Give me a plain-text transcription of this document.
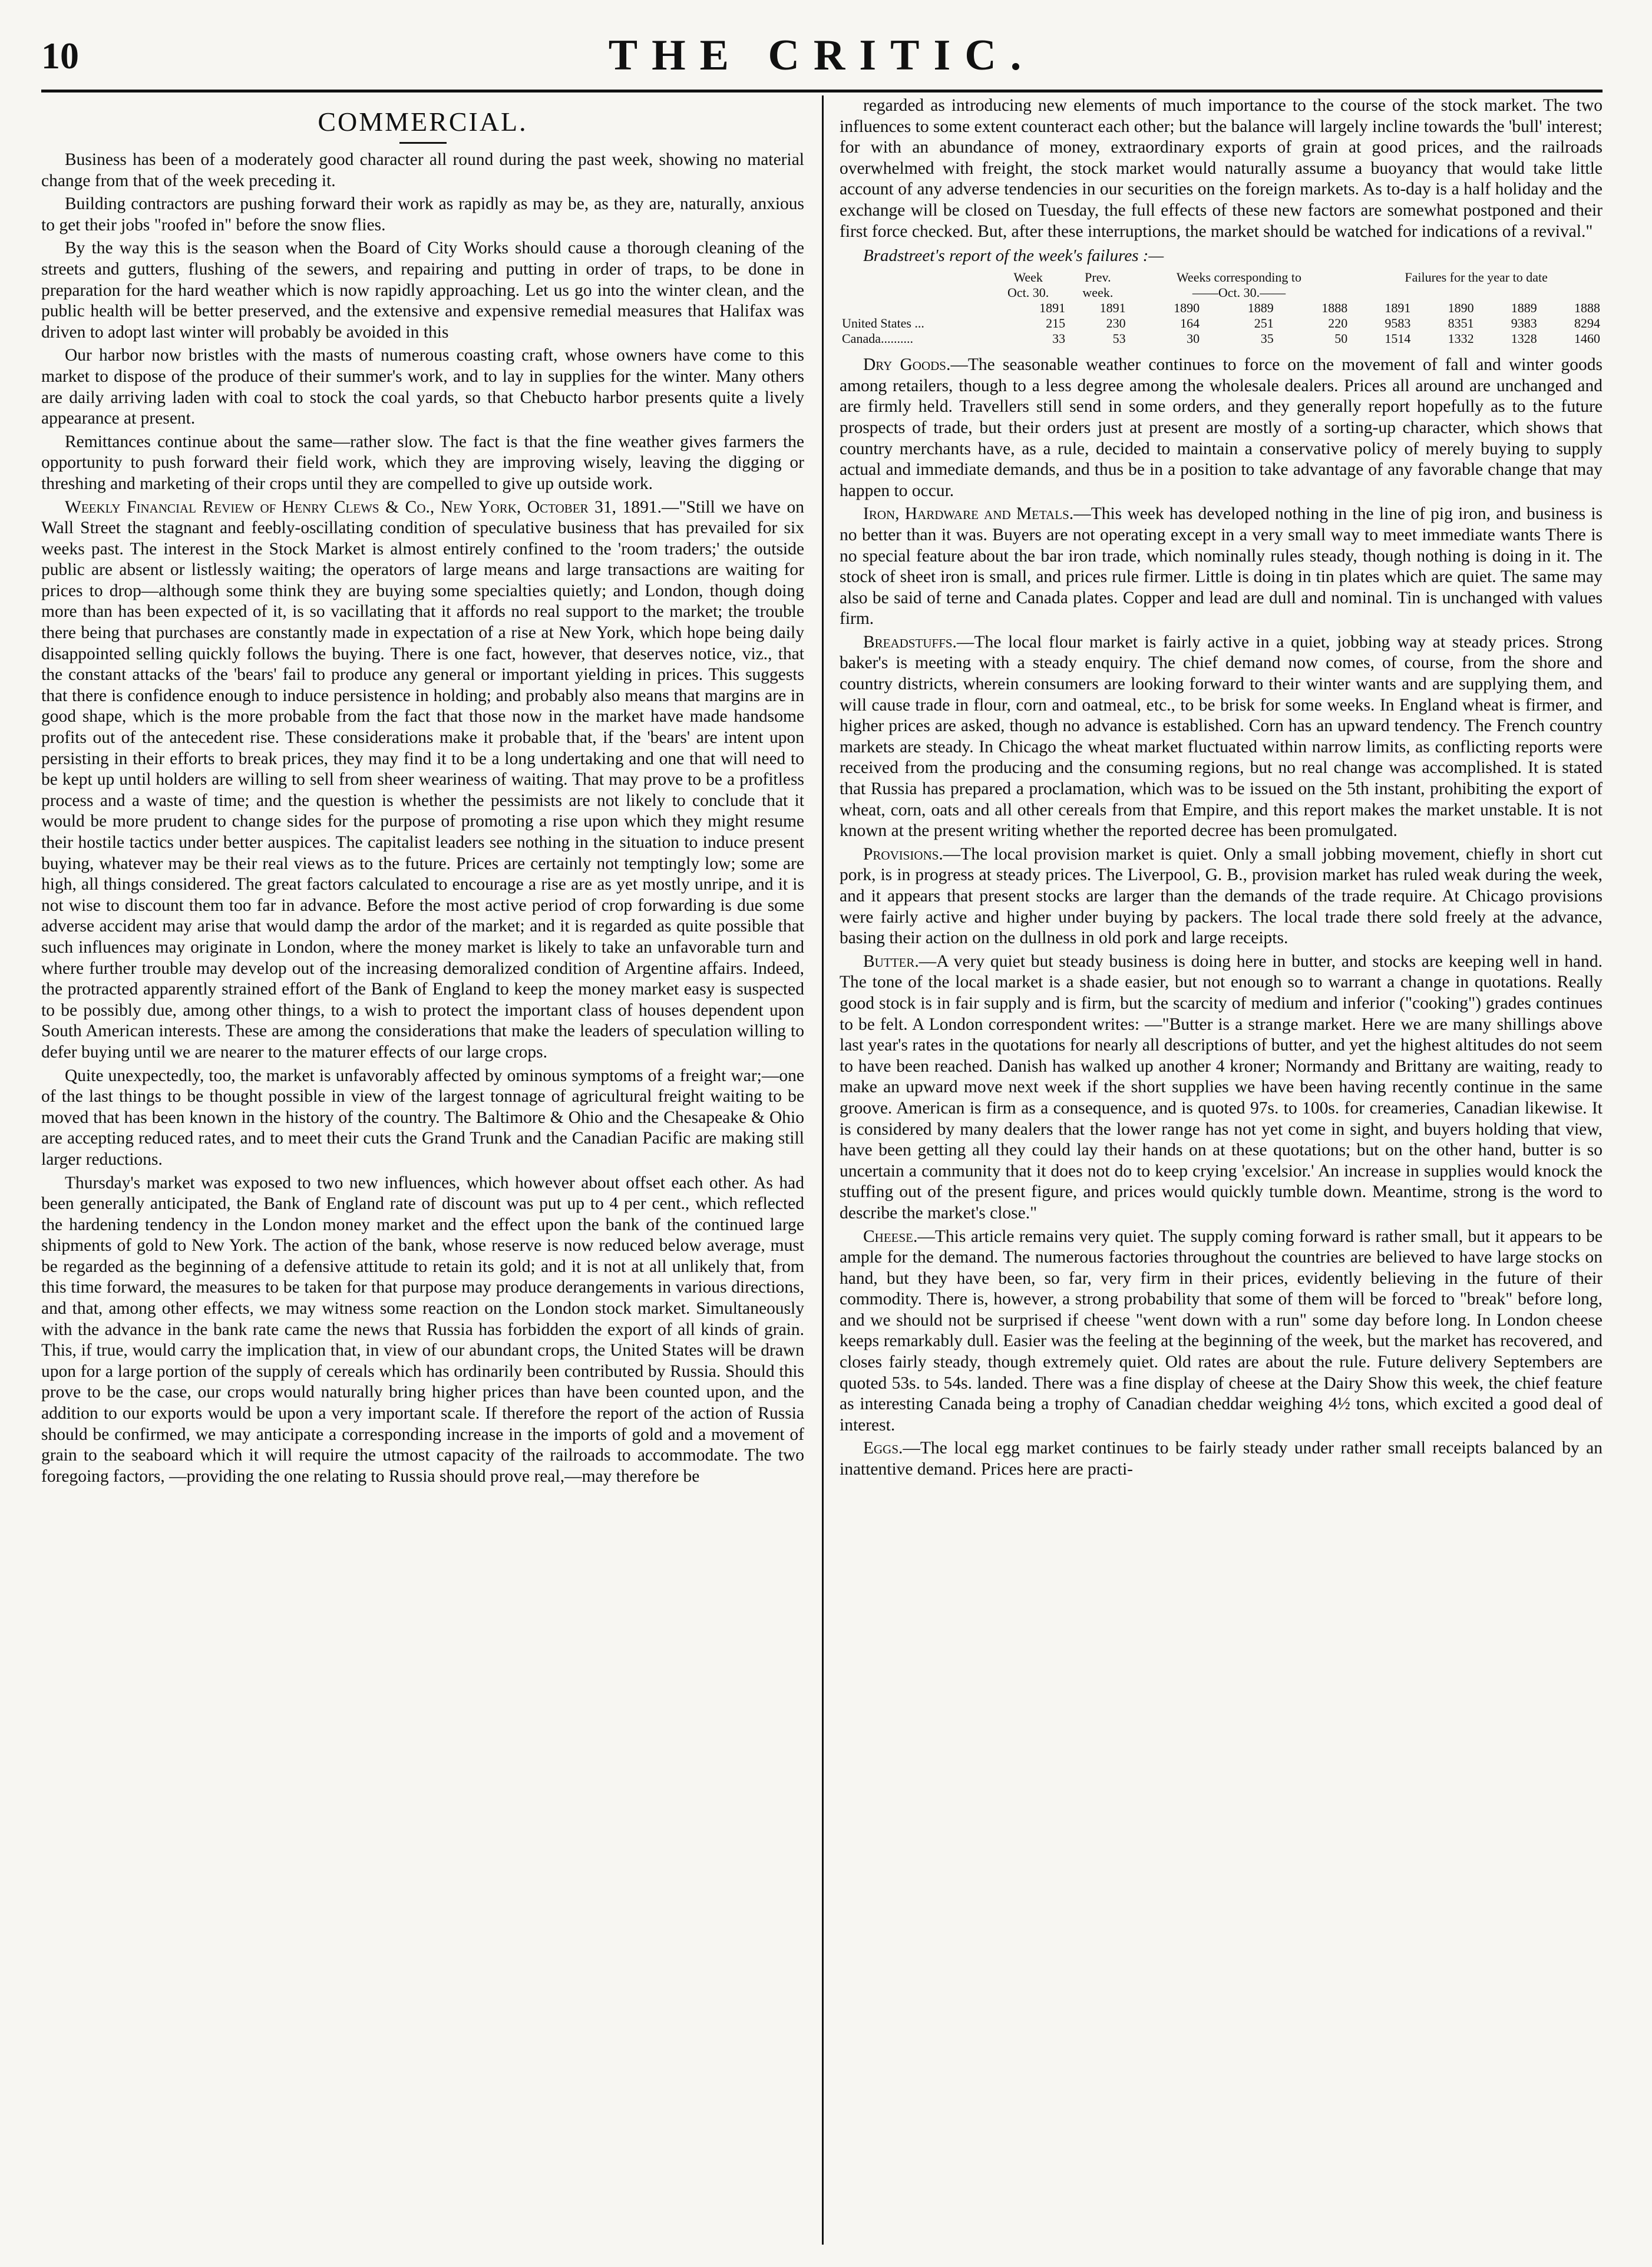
10	THE CRITIC.
COMMERCIAL.

Business has been of a moderately good character all round during the past week, showing no material change from that of the week preceding it.

Building contractors are pushing forward their work as rapidly as may be, as they are, naturally, anxious to get their jobs "roofed in" before the snow flies.

By the way this is the season when the Board of City Works should cause a thorough cleaning of the streets and gutters, flushing of the sewers, and repairing and putting in order of traps, to be done in preparation for the hard weather which is now rapidly approaching. Let us go into the winter clean, and the public health will be better preserved, and the extensive and expensive remedial measures that Halifax was driven to adopt last winter will probably be avoided in this

Our harbor now bristles with the masts of numerous coasting craft, whose owners have come to this market to dispose of the produce of their summer's work, and to lay in supplies for the winter. Many others are daily arriving laden with coal to stock the coal yards, so that Chebucto harbor presents quite a lively appearance at present.

Remittances continue about the same—rather slow. The fact is that the fine weather gives farmers the opportunity to push forward their field work, which they are improving wisely, leaving the digging or threshing and marketing of their crops until they are compelled to give up outside work.

Weekly Financial Review of Henry Clews & Co., New York, October 31, 1891.—"Still we have on Wall Street the stagnant and feebly-oscillating condition of speculative business that has prevailed for six weeks past. The interest in the Stock Market is almost entirely confined to the 'room traders;' the outside public are absent or listlessly waiting; the operators of large means and large transactions are waiting for prices to drop—although some think they are buying some specialties quietly; and London, though doing more than has been expected of it, is so vacillating that it affords no real support to the market; the trouble there being that purchases are constantly made in expectation of a rise at New York, which hope being daily disappointed selling quickly follows the buying. There is one fact, however, that deserves notice, viz., that the constant attacks of the 'bears' fail to produce any general or important yielding in prices. This suggests that there is confidence enough to induce persistence in holding; and probably also means that margins are in good shape, which is the more probable from the fact that those now in the market have made handsome profits out of the antecedent rise. These considerations make it probable that, if the 'bears' are intent upon persisting in their efforts to break prices, they may find it to be a long undertaking and one that will need to be kept up until holders are willing to sell from sheer weariness of waiting. That may prove to be a profitless process and a waste of time; and the question is whether the pessimists are not likely to conclude that it would be more prudent to change sides for the purpose of promoting a rise upon which they might resume their hostile tactics under better auspices. The capitalist leaders see nothing in the situation to induce present buying, whatever may be their real views as to the future. Prices are certainly not temptingly low; some are high, all things considered. The great factors calculated to encourage a rise are as yet mostly unripe, and it is not wise to discount them too far in advance. Before the most active period of crop forwarding is due some adverse accident may arise that would damp the ardor of the market; and it is regarded as quite possible that such influences may originate in London, where the money market is likely to take an unfavorable turn and where further trouble may develop out of the increasing demoralized condition of Argentine affairs. Indeed, the protracted apparently strained effort of the Bank of England to keep the money market easy is suspected to be possibly due, among other things, to a wish to protect the important class of houses dependent upon South American interests. These are among the considerations that make the leaders of speculation willing to defer buying until we are nearer to the maturer effects of our large crops.

Quite unexpectedly, too, the market is unfavorably affected by ominous symptoms of a freight war;—one of the last things to be thought possible in view of the largest tonnage of agricultural freight waiting to be moved that has been known in the history of the country. The Baltimore & Ohio and the Chesapeake & Ohio are accepting reduced rates, and to meet their cuts the Grand Trunk and the Canadian Pacific are making still larger reductions.

Thursday's market was exposed to two new influences, which however about offset each other. As had been generally anticipated, the Bank of England rate of discount was put up to 4 per cent., which reflected the hardening tendency in the London money market and the effect upon the bank of the continued large shipments of gold to New York. The action of the bank, whose reserve is now reduced below average, must be regarded as the beginning of a defensive attitude to retain its gold; and it is not at all unlikely that, from this time forward, the measures to be taken for that purpose may produce derangements in various directions, and that, among other effects, we may witness some reaction on the London stock market. Simultaneously with the advance in the bank rate came the news that Russia has forbidden the export of all kinds of grain. This, if true, would carry the implication that, in view of our abundant crops, the United States will be drawn upon for a large portion of the supply of cereals which has ordinarily been contributed by Russia. Should this prove to be the case, our crops would naturally bring higher prices than have been counted upon, and the addition to our exports would be upon a very important scale. If therefore the report of the action of Russia should be confirmed, we may anticipate a corresponding increase in the imports of gold and a movement of grain to the seaboard which it will require the utmost capacity of the railroads to accommodate. The two foregoing factors, —providing the one relating to Russia should prove real,—may therefore be

regarded as introducing new elements of much importance to the course of the stock market. The two influences to some extent counteract each other; but the balance will largely incline towards the 'bull' interest; for with an abundance of money, extraordinary exports of grain at good prices, and the railroads overwhelmed with freight, the stock market would naturally assume a buoyancy that would take little account of any adverse tendencies in our securities on the foreign markets. As to-day is a half holiday and the exchange will be closed on Tuesday, the full effects of these new factors are somewhat postponed and their first force checked. But, after these interruptions, the market should be watched for indications of a revival."

Bradstreet's report of the week's failures :—
	Week	Prev.	Weeks corresponding to			Failures for the year to date			
	Oct. 30.	week.	——Oct. 30.——						
	1891	1891	1890	1889	1888	1891	1890	1889	1888
United States ...	215	230	164	251	220	9583	8351	9383	8294
Canada..........	33	53	30	35	50	1514	1332	1328	1460

Dry Goods.—The seasonable weather continues to force on the movement of fall and winter goods among retailers, though to a less degree among the wholesale dealers. Prices all around are unchanged and are firmly held. Travellers still send in some orders, and they generally report hopefully as to the future prospects of trade, but their orders just at present are mostly of a sorting-up character, which shows that country merchants have, as a rule, decided to maintain a conservative policy of merely buying to supply actual and immediate demands, and thus be in a position to take advantage of any favorable change that may happen to occur.

Iron, Hardware and Metals.—This week has developed nothing in the line of pig iron, and business is no better than it was. Buyers are not operating except in a very small way to meet immediate wants There is no special feature about the bar iron trade, which nominally rules steady, though nothing is doing in it. The stock of sheet iron is small, and prices rule firmer. Little is doing in tin plates which are quiet. The same may also be said of terne and Canada plates. Copper and lead are dull and nominal. Tin is unchanged with values firm.

Breadstuffs.—The local flour market is fairly active in a quiet, jobbing way at steady prices. Strong baker's is meeting with a steady enquiry. The chief demand now comes, of course, from the shore and country districts, wherein consumers are looking forward to their winter wants and are supplying them, and will cause trade in flour, corn and oatmeal, etc., to be brisk for some weeks. In England wheat is firmer, and higher prices are asked, though no advance is established. Corn has an upward tendency. The French country markets are steady. In Chicago the wheat market fluctuated within narrow limits, as conflicting reports were received from the producing and the consuming regions, but no real change was accomplished. It is stated that Russia has prepared a proclamation, which was to be issued on the 5th instant, prohibiting the export of wheat, corn, oats and all other cereals from that Empire, and this report makes the market unstable. It is not known at the present writing whether the reported decree has been promulgated.

Provisions.—The local provision market is quiet. Only a small jobbing movement, chiefly in short cut pork, is in progress at steady prices. The Liverpool, G. B., provision market has ruled weak during the week, and it appears that present stocks are larger than the demands of the trade require. At Chicago provisions were fairly active and higher under buying by packers. The local trade there sold freely at the advance, basing their action on the dullness in old pork and large receipts.

Butter.—A very quiet but steady business is doing here in butter, and stocks are keeping well in hand. The tone of the local market is a shade easier, but not enough so to warrant a change in quotations. Really good stock is in fair supply and is firm, but the scarcity of medium and inferior ("cooking") grades continues to be felt. A London correspondent writes: —"Butter is a strange market. Here we are many shillings above last year's rates in the quotations for nearly all descriptions of butter, and yet the highest altitudes do not seem to have been reached. Danish has walked up another 4 kroner; Normandy and Brittany are waiting, ready to make an upward move next week if the short supplies we have been having recently continue in the same groove. American is firm as a consequence, and is quoted 97s. to 100s. for creameries, Canadian likewise. It is considered by many dealers that the lower range has not yet come in sight, and buyers holding that view, have been getting all they could lay their hands on at these quotations; but on the other hand, butter is so uncertain a community that it does not do to keep crying 'excelsior.' An increase in supplies would knock the stuffing out of the present figure, and prices would quickly tumble down. Meantime, strong is the word to describe the market's close."

Cheese.—This article remains very quiet. The supply coming forward is rather small, but it appears to be ample for the demand. The numerous factories throughout the countries are believed to have large stocks on hand, but they have been, so far, very firm in their prices, evidently believing in the future of their commodity. There is, however, a strong probability that some of them will be forced to "break" before long, and we should not be surprised if cheese "went down with a run" some day before long. In London cheese keeps remarkably dull. Easier was the feeling at the beginning of the week, but the market has recovered, and closes fairly steady, though extremely quiet. Old rates are about the rule. Future delivery Septembers are quoted 53s. to 54s. landed. There was a fine display of cheese at the Dairy Show this week, the chief feature as interesting Canada being a trophy of Canadian cheddar weighing 4½ tons, which excited a good deal of interest.

Eggs.—The local egg market continues to be fairly steady under rather small receipts balanced by an inattentive demand. Prices here are practi-
